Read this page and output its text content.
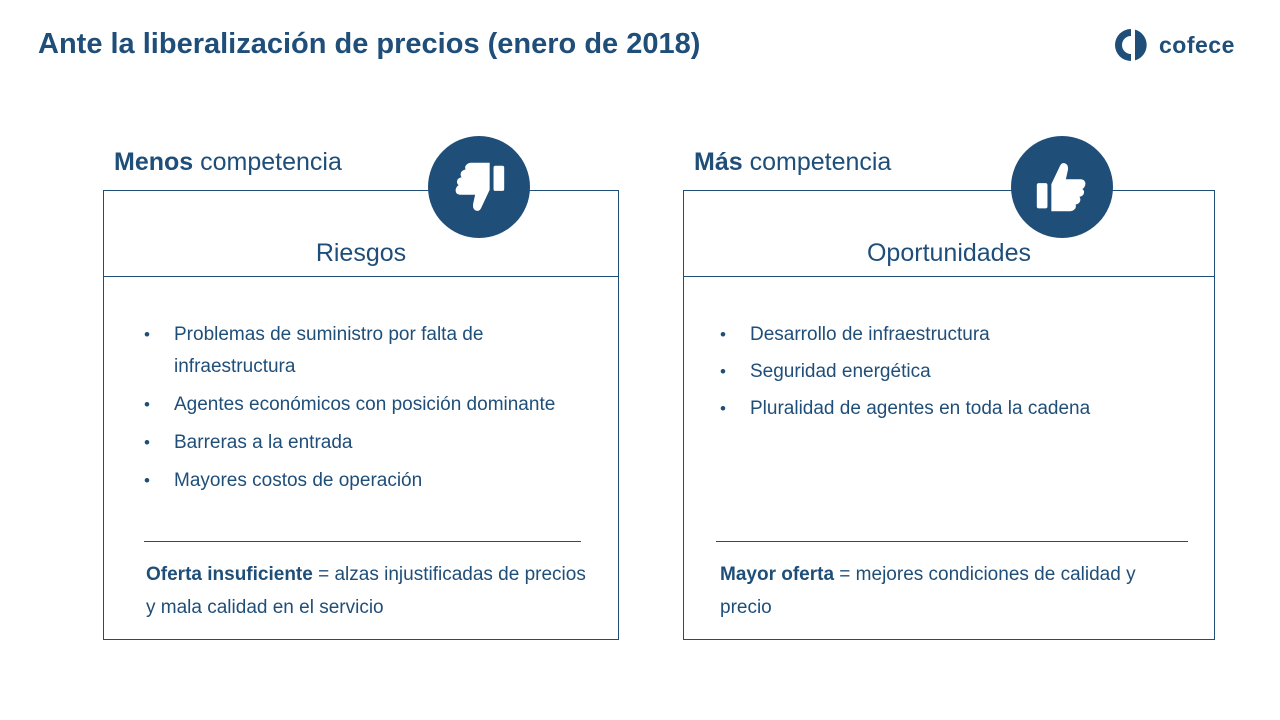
Ante la liberalización de precios (enero de 2018)	cofece
Menos competencia
Riesgos
• Problemas de suministro por falta de infraestructura
• Agentes económicos con posición dominante
• Barreras a la entrada
• Mayores costos de operación
Oferta insuficiente = alzas injustificadas de precios y mala calidad en el servicio
Más competencia
Oportunidades
• Desarrollo de infraestructura
• Seguridad energética
• Pluralidad de agentes en toda la cadena
Mayor oferta = mejores condiciones de calidad y precio
